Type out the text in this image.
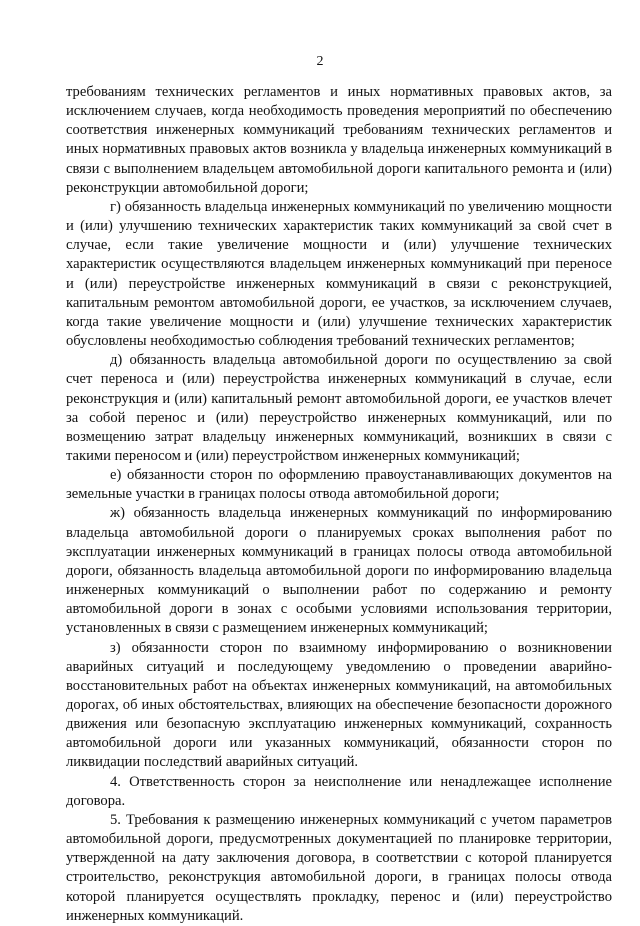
2

требованиям технических регламентов и иных нормативных правовых актов, за исключением случаев, когда необходимость проведения мероприятий по обеспечению соответствия инженерных коммуникаций требованиям технических регламентов и иных нормативных правовых актов возникла у владельца инженерных коммуникаций в связи с выполнением владельцем автомобильной дороги капитального ремонта и (или) реконструкции автомобильной дороги;

г) обязанность владельца инженерных коммуникаций по увеличению мощности и (или) улучшению технических характеристик таких коммуникаций за свой счет в случае, если такие увеличение мощности и (или) улучшение технических характеристик осуществляются владельцем инженерных коммуникаций при переносе и (или) переустройстве инженерных коммуникаций в связи с реконструкцией, капитальным ремонтом автомобильной дороги, ее участков, за исключением случаев, когда такие увеличение мощности и (или) улучшение технических характеристик обусловлены необходимостью соблюдения требований технических регламентов;

д) обязанность владельца автомобильной дороги по осуществлению за свой счет переноса и (или) переустройства инженерных коммуникаций в случае, если реконструкция и (или) капитальный ремонт автомобильной дороги, ее участков влечет за собой перенос и (или) переустройство инженерных коммуникаций, или по возмещению затрат владельцу инженерных коммуникаций, возникших в связи с такими переносом и (или) переустройством инженерных коммуникаций;

е) обязанности сторон по оформлению правоустанавливающих документов на земельные участки в границах полосы отвода автомобильной дороги;

ж) обязанность владельца инженерных коммуникаций по информированию владельца автомобильной дороги о планируемых сроках выполнения работ по эксплуатации инженерных коммуникаций в границах полосы отвода автомобильной дороги, обязанность владельца автомобильной дороги по информированию владельца инженерных коммуникаций о выполнении работ по содержанию и ремонту автомобильной дороги в зонах с особыми условиями использования территории, установленных в связи с размещением инженерных коммуникаций;

з) обязанности сторон по взаимному информированию о возникновении аварийных ситуаций и последующему уведомлению о проведении аварийно-восстановительных работ на объектах инженерных коммуникаций, на автомобильных дорогах, об иных обстоятельствах, влияющих на обеспечение безопасности дорожного движения или безопасную эксплуатацию инженерных коммуникаций, сохранность автомобильной дороги или указанных коммуникаций, обязанности сторон по ликвидации последствий аварийных ситуаций.

4. Ответственность сторон за неисполнение или ненадлежащее исполнение договора.

5. Требования к размещению инженерных коммуникаций с учетом параметров автомобильной дороги, предусмотренных документацией по планировке территории, утвержденной на дату заключения договора, в соответствии с которой планируется строительство, реконструкция автомобильной дороги, в границах полосы отвода которой планируется осуществлять прокладку, перенос и (или) переустройство инженерных коммуникаций.
